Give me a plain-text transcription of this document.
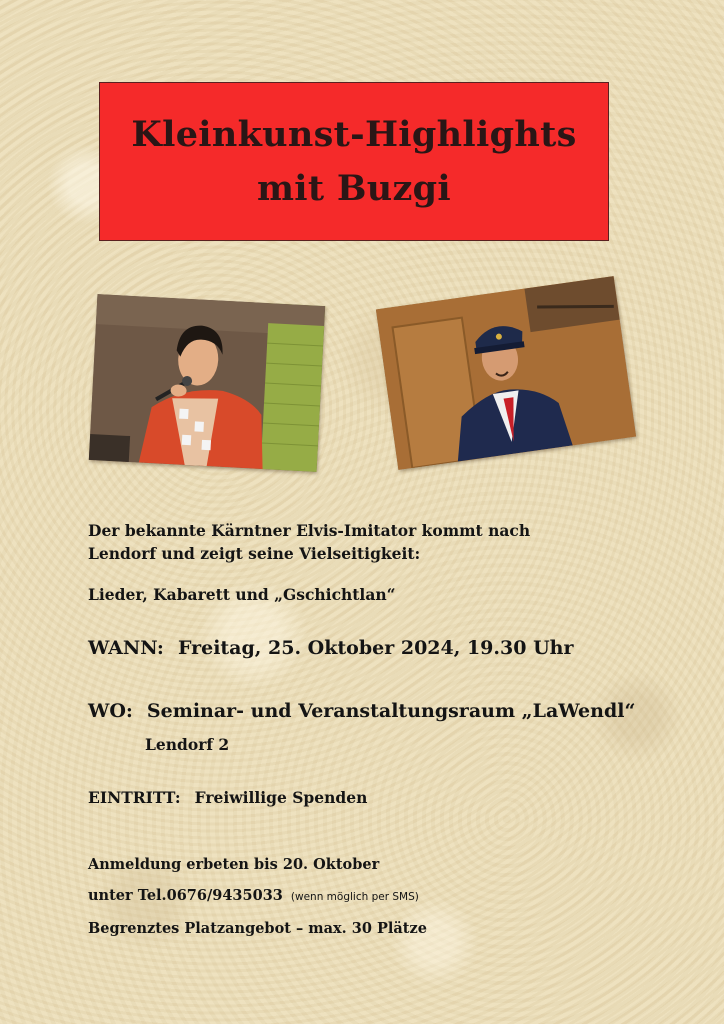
Kleinkunst-Highlights
mit Buzgi
Der bekannte Kärntner Elvis-Imitator kommt nach
Lendorf und zeigt seine Vielseitigkeit:
Lieder, Kabarett und „Gschichtlan“
WANN: Freitag, 25. Oktober 2024, 19.30 Uhr
WO: Seminar- und Veranstaltungsraum „LaWendl“
Lendorf 2
EINTRITT: Freiwillige Spenden
Anmeldung erbeten bis 20. Oktober
unter Tel.0676/9435033 (wenn möglich per SMS)
Begrenztes Platzangebot – max. 30 Plätze
